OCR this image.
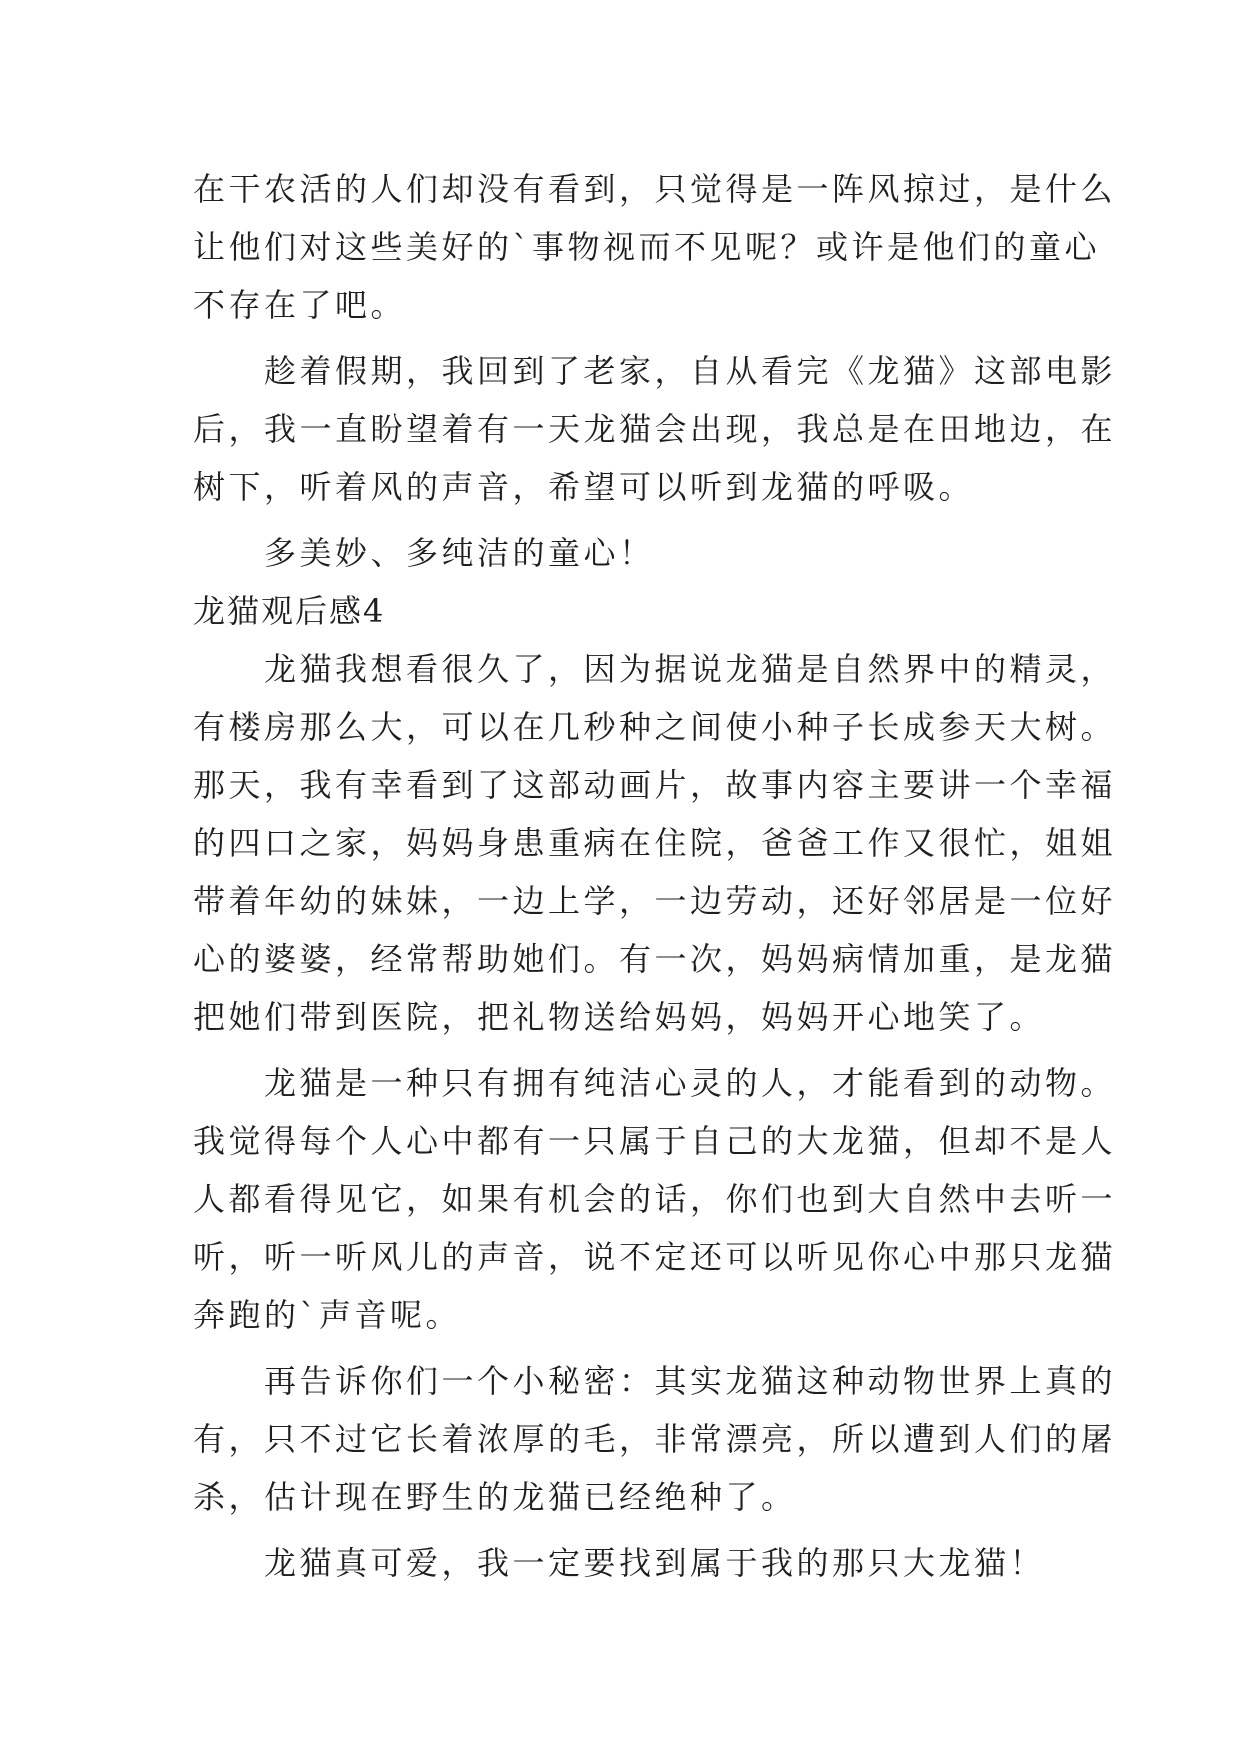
在干农活的人们却没有看到，只觉得是一阵风掠过，是什么
让他们对这些美好的`事物视而不见呢？或许是他们的童心
不存在了吧。
　　趁着假期，我回到了老家，自从看完《龙猫》这部电影
后，我一直盼望着有一天龙猫会出现，我总是在田地边，在
树下，听着风的声音，希望可以听到龙猫的呼吸。
　　多美妙、多纯洁的童心！
龙猫观后感4
　　龙猫我想看很久了，因为据说龙猫是自然界中的精灵，
有楼房那么大，可以在几秒种之间使小种子长成参天大树。
那天，我有幸看到了这部动画片，故事内容主要讲一个幸福
的四口之家，妈妈身患重病在住院，爸爸工作又很忙，姐姐
带着年幼的妹妹，一边上学，一边劳动，还好邻居是一位好
心的婆婆，经常帮助她们。有一次，妈妈病情加重，是龙猫
把她们带到医院，把礼物送给妈妈，妈妈开心地笑了。
　　龙猫是一种只有拥有纯洁心灵的人，才能看到的动物。
我觉得每个人心中都有一只属于自己的大龙猫，但却不是人
人都看得见它，如果有机会的话，你们也到大自然中去听一
听，听一听风儿的声音，说不定还可以听见你心中那只龙猫
奔跑的`声音呢。
　　再告诉你们一个小秘密：其实龙猫这种动物世界上真的
有，只不过它长着浓厚的毛，非常漂亮，所以遭到人们的屠
杀，估计现在野生的龙猫已经绝种了。
　　龙猫真可爱，我一定要找到属于我的那只大龙猫！
